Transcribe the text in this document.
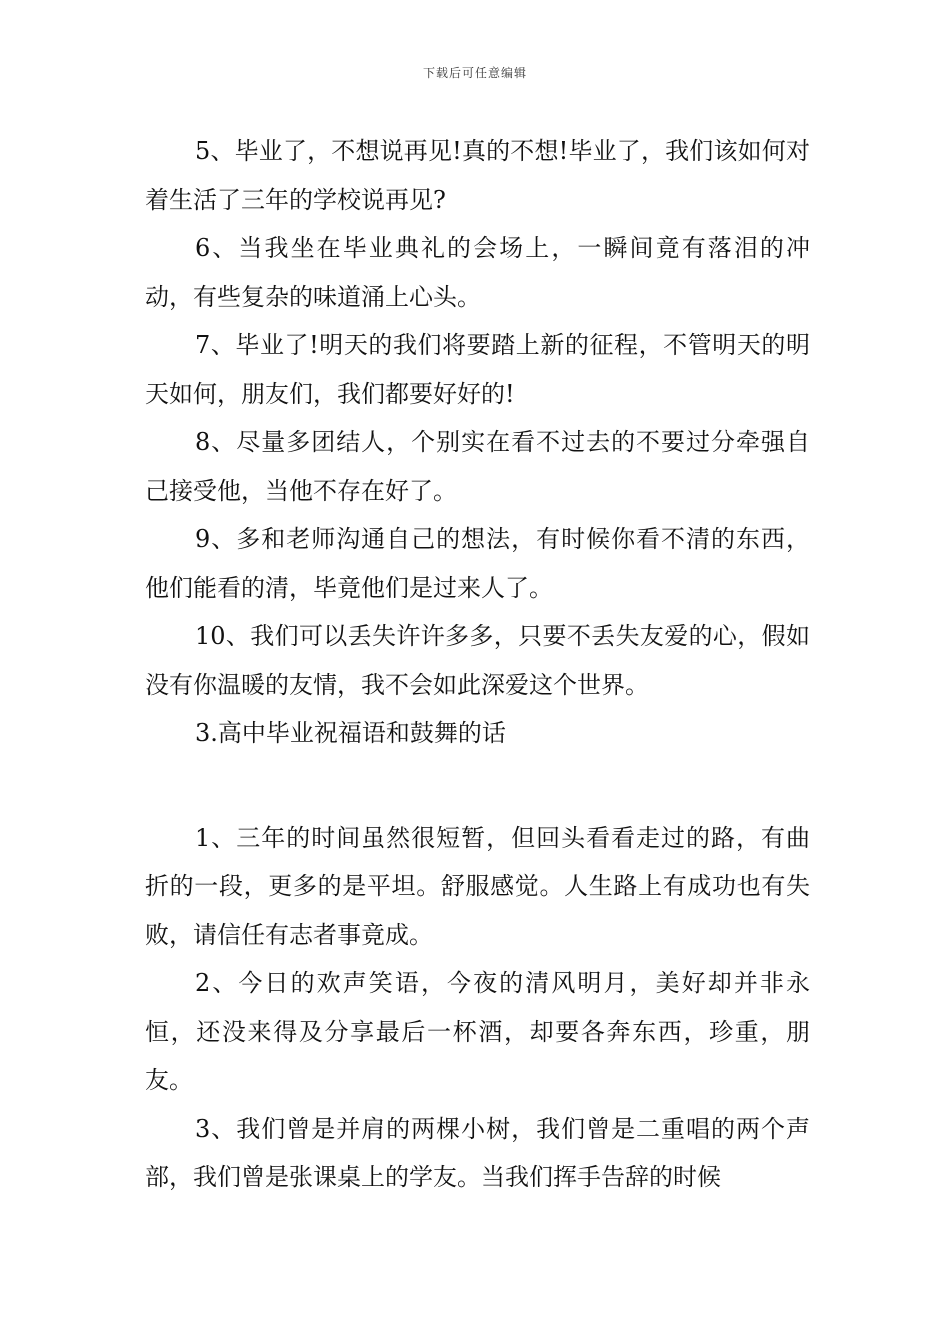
下载后可任意编辑

5、毕业了，不想说再见!真的不想!毕业了，我们该如何对着生活了三年的学校说再见?

6、当我坐在毕业典礼的会场上，一瞬间竟有落泪的冲动，有些复杂的味道涌上心头。

7、毕业了!明天的我们将要踏上新的征程，不管明天的明天如何，朋友们，我们都要好好的!

8、尽量多团结人，个别实在看不过去的不要过分牵强自己接受他，当他不存在好了。

9、多和老师沟通自己的想法，有时候你看不清的东西，他们能看的清，毕竟他们是过来人了。

10、我们可以丢失许许多多，只要不丢失友爱的心，假如没有你温暖的友情，我不会如此深爱这个世界。

3.高中毕业祝福语和鼓舞的话

1、三年的时间虽然很短暂，但回头看看走过的路，有曲折的一段，更多的是平坦。舒服感觉。人生路上有成功也有失败，请信任有志者事竟成。

2、今日的欢声笑语，今夜的清风明月，美好却并非永恒，还没来得及分享最后一杯酒，却要各奔东西，珍重，朋友。

3、我们曾是并肩的两棵小树，我们曾是二重唱的两个声部，我们曾是张课桌上的学友。当我们挥手告辞的时候
